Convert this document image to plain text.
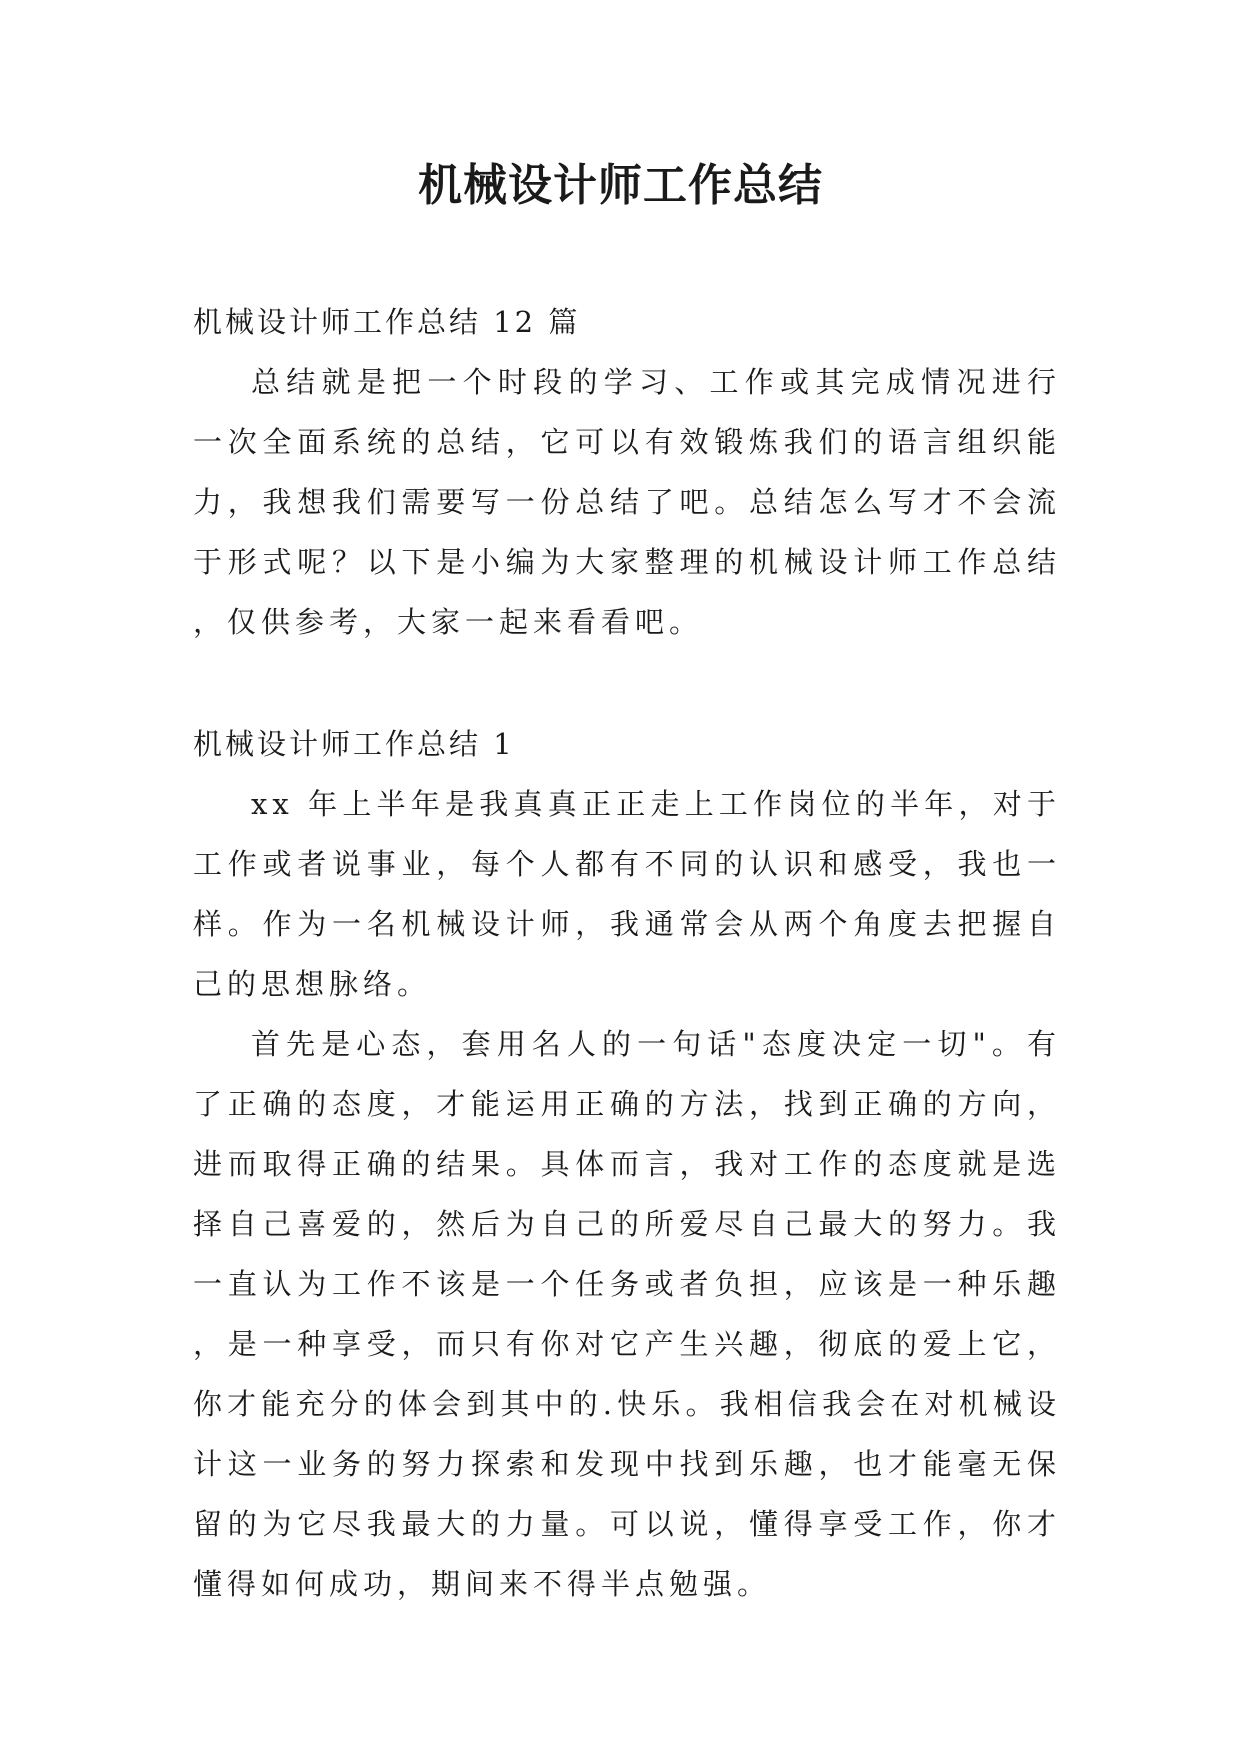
机械设计师工作总结
机械设计师工作总结 12 篇

总结就是把一个时段的学习、工作或其完成情况进行一次全面系统的总结，它可以有效锻炼我们的语言组织能力，我想我们需要写一份总结了吧。总结怎么写才不会流于形式呢？以下是小编为大家整理的机械设计师工作总结，仅供参考，大家一起来看看吧。

机械设计师工作总结 1

xx 年上半年是我真真正正走上工作岗位的半年，对于工作或者说事业，每个人都有不同的认识和感受，我也一样。作为一名机械设计师，我通常会从两个角度去把握自己的思想脉络。

首先是心态，套用名人的一句话"态度决定一切"。有了正确的态度，才能运用正确的方法，找到正确的方向，进而取得正确的结果。具体而言，我对工作的态度就是选择自己喜爱的，然后为自己的所爱尽自己最大的努力。我一直认为工作不该是一个任务或者负担，应该是一种乐趣，是一种享受，而只有你对它产生兴趣，彻底的爱上它，你才能充分的体会到其中的.快乐。我相信我会在对机械设计这一业务的努力探索和发现中找到乐趣，也才能毫无保留的为它尽我最大的力量。可以说，懂得享受工作，你才懂得如何成功，期间来不得半点勉强。
